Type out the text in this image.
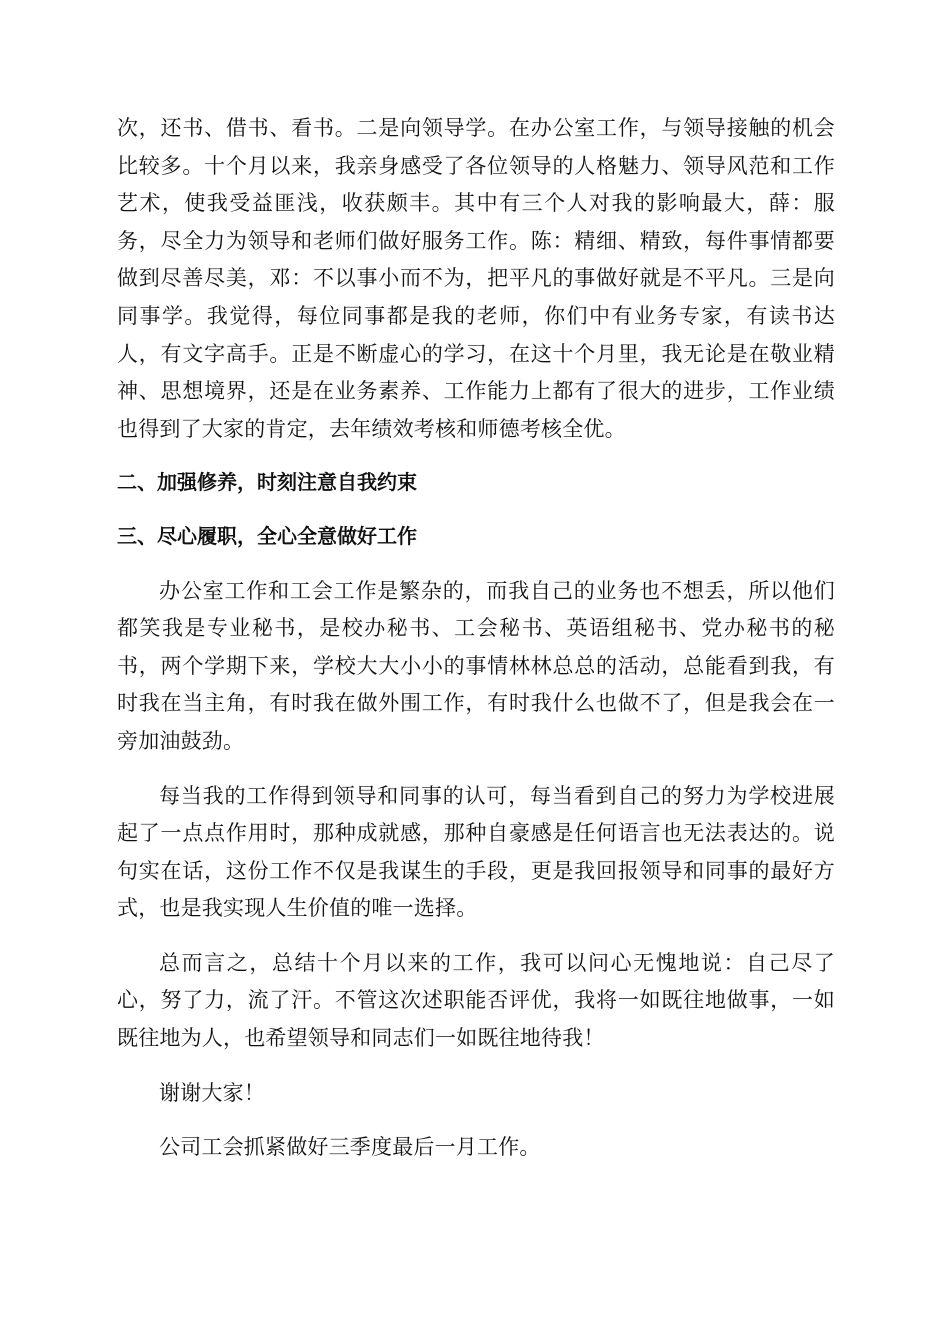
次，还书、借书、看书。二是向领导学。在办公室工作，与领导接触的机会比较多。十个月以来，我亲身感受了各位领导的人格魅力、领导风范和工作艺术，使我受益匪浅，收获颇丰。其中有三个人对我的影响最大，薛：服务，尽全力为领导和老师们做好服务工作。陈：精细、精致，每件事情都要做到尽善尽美，邓：不以事小而不为，把平凡的事做好就是不平凡。三是向同事学。我觉得，每位同事都是我的老师，你们中有业务专家，有读书达人，有文字高手。正是不断虚心的学习，在这十个月里，我无论是在敬业精神、思想境界，还是在业务素养、工作能力上都有了很大的进步，工作业绩也得到了大家的肯定，去年绩效考核和师德考核全优。

二、加强修养，时刻注意自我约束
三、尽心履职，全心全意做好工作

办公室工作和工会工作是繁杂的，而我自己的业务也不想丢，所以他们都笑我是专业秘书，是校办秘书、工会秘书、英语组秘书、党办秘书的秘书，两个学期下来，学校大大小小的事情林林总总的活动，总能看到我，有时我在当主角，有时我在做外围工作，有时我什么也做不了，但是我会在一旁加油鼓劲。

每当我的工作得到领导和同事的认可，每当看到自己的努力为学校进展起了一点点作用时，那种成就感，那种自豪感是任何语言也无法表达的。说句实在话，这份工作不仅是我谋生的手段，更是我回报领导和同事的最好方式，也是我实现人生价值的唯一选择。

总而言之，总结十个月以来的工作，我可以问心无愧地说：自己尽了心，努了力，流了汗。不管这次述职能否评优，我将一如既往地做事，一如既往地为人，也希望领导和同志们一如既往地待我！

谢谢大家！

公司工会抓紧做好三季度最后一月工作。
